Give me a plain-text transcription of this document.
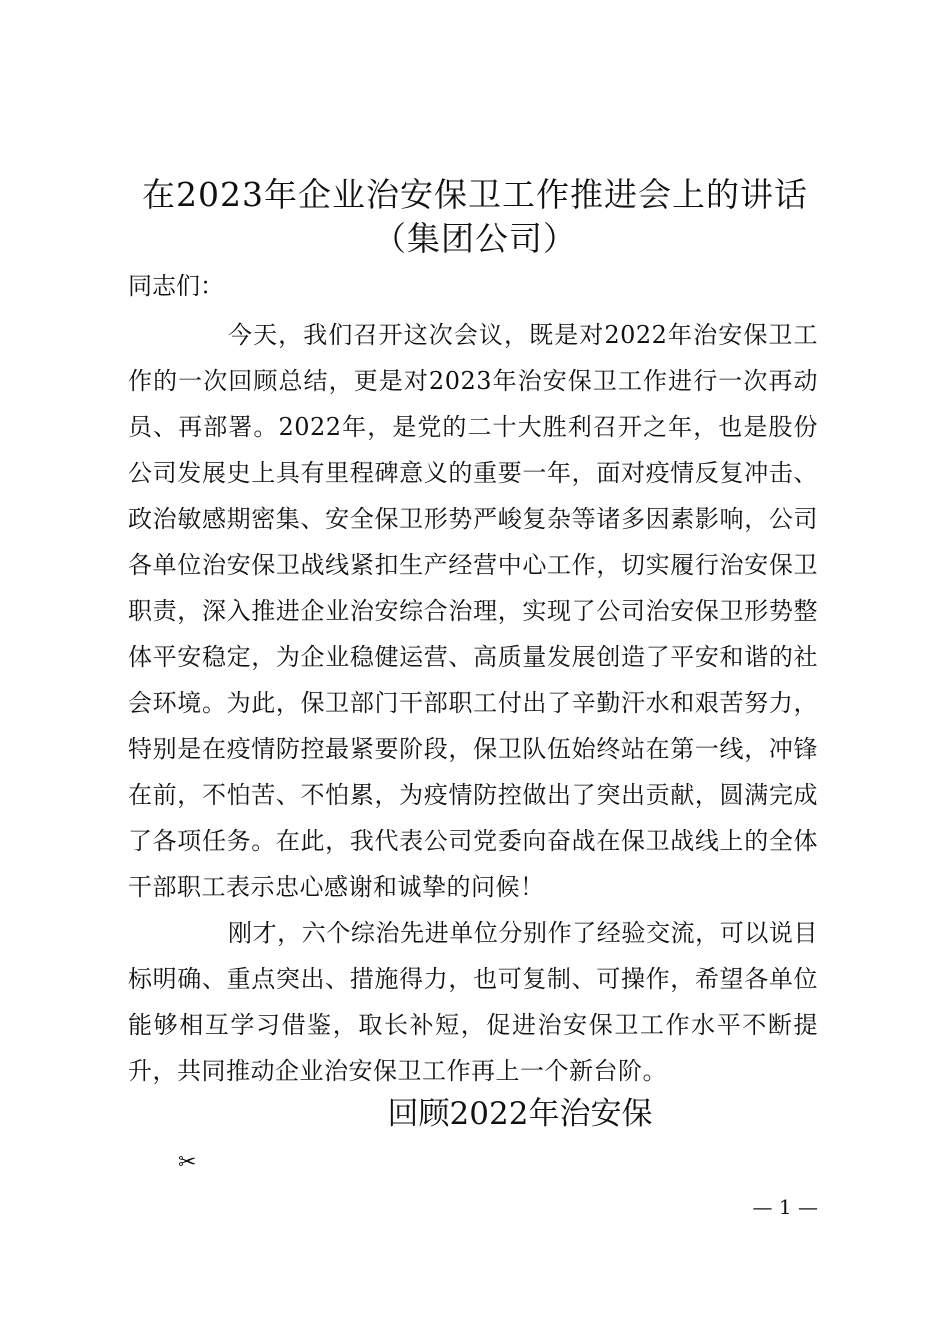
在2023年企业治安保卫工作推进会上的讲话
（集团公司）
同志们：
今天，我们召开这次会议，既是对2022年治安保卫工作的一次回顾总结，更是对2023年治安保卫工作进行一次再动员、再部署。2022年，是党的二十大胜利召开之年，也是股份公司发展史上具有里程碑意义的重要一年，面对疫情反复冲击、政治敏感期密集、安全保卫形势严峻复杂等诸多因素影响，公司各单位治安保卫战线紧扣生产经营中心工作，切实履行治安保卫职责，深入推进企业治安综合治理，实现了公司治安保卫形势整体平安稳定，为企业稳健运营、高质量发展创造了平安和谐的社会环境。为此，保卫部门干部职工付出了辛勤汗水和艰苦努力，特别是在疫情防控最紧要阶段，保卫队伍始终站在第一线，冲锋在前，不怕苦、不怕累，为疫情防控做出了突出贡献，圆满完成了各项任务。在此，我代表公司党委向奋战在保卫战线上的全体干部职工表示忠心感谢和诚挚的问候！
刚才，六个综治先进单位分别作了经验交流，可以说目标明确、重点突出、措施得力，也可复制、可操作，希望各单位能够相互学习借鉴，取长补短，促进治安保卫工作水平不断提升，共同推动企业治安保卫工作再上一个新台阶。
回顾2022年治安保
✂
— 1 —
